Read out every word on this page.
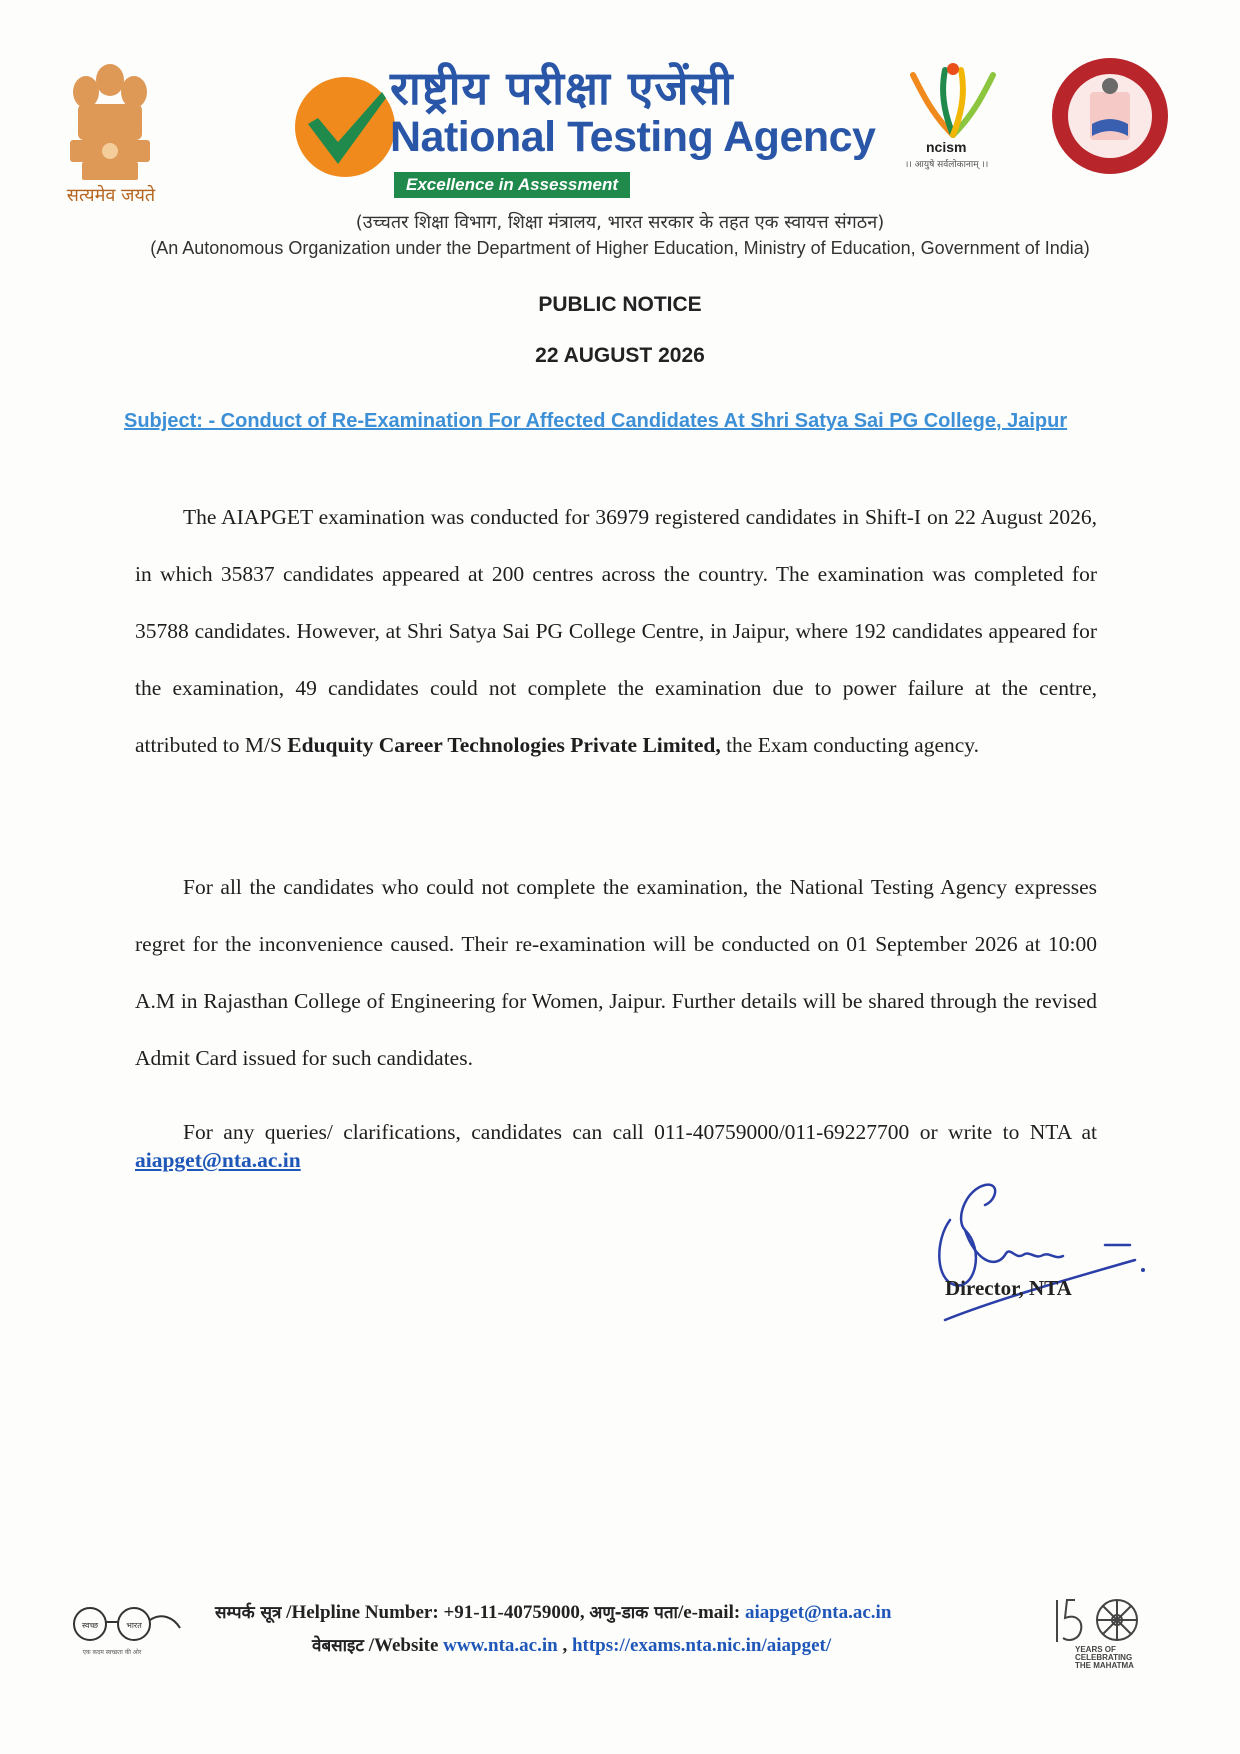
सत्यमेव जयते
राष्ट्रीय परीक्षा एजेंसी
National Testing Agency
Excellence in Assessment
ncism
।। आयुषे सर्वलोकानाम् ।।
(उच्चतर शिक्षा विभाग, शिक्षा मंत्रालय, भारत सरकार के तहत एक स्वायत्त संगठन)
(An Autonomous Organization under the Department of Higher Education, Ministry of Education, Government of India)
PUBLIC NOTICE
22 AUGUST 2026
Subject: - Conduct of Re-Examination For Affected Candidates At Shri Satya Sai PG College, Jaipur
The AIAPGET examination was conducted for 36979 registered candidates in Shift-I on 22 August 2026, in which 35837 candidates appeared at 200 centres across the country. The examination was completed for 35788 candidates. However, at Shri Satya Sai PG College Centre, in Jaipur, where 192 candidates appeared for the examination, 49 candidates could not complete the examination due to power failure at the centre, attributed to M/S Eduquity Career Technologies Private Limited, the Exam conducting agency.
For all the candidates who could not complete the examination, the National Testing Agency expresses regret for the inconvenience caused. Their re-examination will be conducted on 01 September 2026 at 10:00 A.M in Rajasthan College of Engineering for Women, Jaipur. Further details will be shared through the revised Admit Card issued for such candidates.
For any queries/ clarifications, candidates can call 011-40759000/011-69227700 or write to NTA at aiapget@nta.ac.in
Director, NTA
स्वच्छ	भारत
एक कदम स्वच्छता की ओर
सम्पर्क सूत्र /Helpline Number: +91-11-40759000, अणु-डाक पता/e-mail: aiapget@nta.ac.in
वेबसाइट /Website www.nta.ac.in , https://exams.nta.nic.in/aiapget/	YEARS OF
CELEBRATING
THE MAHATMA
